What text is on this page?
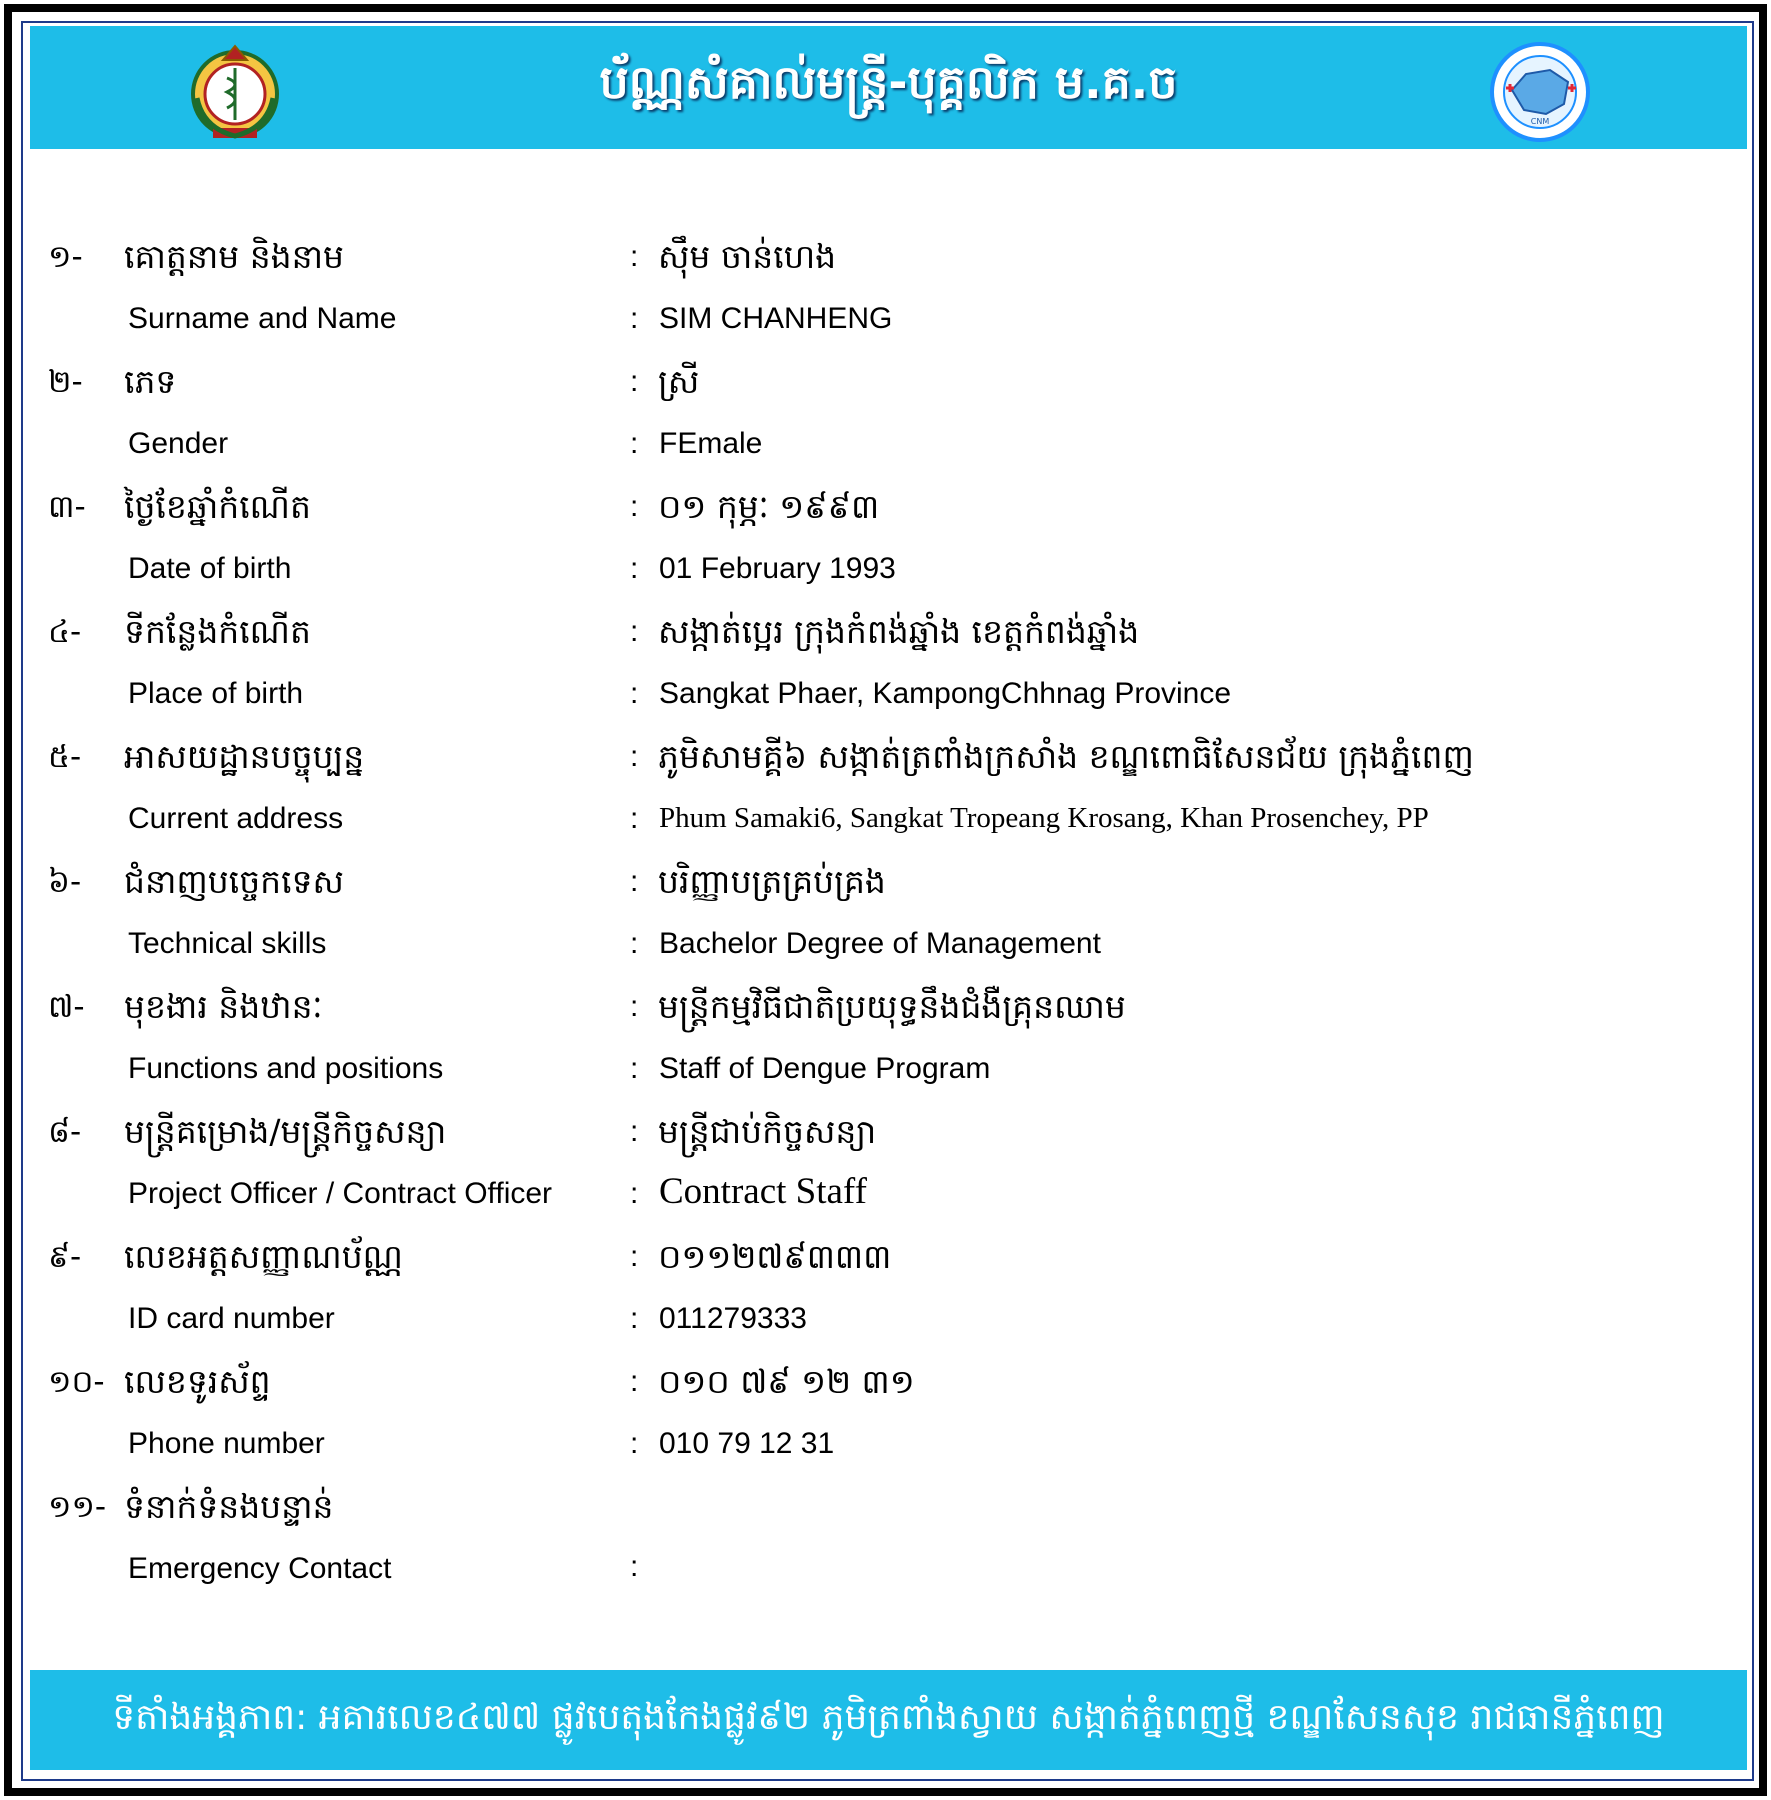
ប័ណ្ណសំគាល់មន្ត្រី-បុគ្គលិក ម.គ.ច
CNM
១- គោត្តនាម និងនាម
Surname and Name
:
:
ស៊ឹម ចាន់ហេង
SIM CHANHENG
២- ភេទ
Gender
:
:
ស្រី
FEmale
៣- ថ្ងៃខែឆ្នាំកំណើត
Date of birth
:
:
០១ កុម្ភៈ ១៩៩៣
01 February 1993
៤- ទីកន្លែងកំណើត
Place of birth
:
:
សង្កាត់ប្អេរ ក្រុងកំពង់ឆ្នាំង ខេត្តកំពង់ឆ្នាំង
Sangkat Phaer, KampongChhnag Province
៥- អាសយដ្ឋានបច្ចុប្បន្ន
Current address
:
:
ភូមិសាមគ្គី៦ សង្កាត់ត្រពាំងក្រសាំង ខណ្ឌពោធិសែនជ័យ ក្រុងភ្នំពេញ
Phum Samaki6, Sangkat Tropeang Krosang, Khan Prosenchey, PP
៦- ជំនាញបច្ចេកទេស
Technical skills
:
:
បរិញ្ញាបត្រគ្រប់គ្រង
Bachelor Degree of Management
៧- មុខងារ និងឋានៈ
Functions and positions
:
:
មន្ត្រីកម្មវិធីជាតិប្រយុទ្ធនឹងជំងឺគ្រុនឈាម
Staff of Dengue Program
៨- មន្ត្រីគម្រោង/មន្ត្រីកិច្ចសន្យា
Project Officer / Contract Officer
:
:
មន្ត្រីជាប់កិច្ចសន្យា
Contract Staff
៩- លេខអត្តសញ្ញាណប័ណ្ណ
ID card number
:
:
០១១២៧៩៣៣៣
011279333
១០- លេខទូរស័ព្ទ
Phone number
:
:
០១០ ៧៩ ១២ ៣១
010 79 12 31
១១- ទំនាក់ទំនងបន្ទាន់
Emergency Contact	:
ទីតាំងអង្គភាព: អគារលេខ៤៧៧ ផ្លូវបេតុងកែងផ្លូវ៩២ ភូមិត្រពាំងស្វាយ សង្កាត់ភ្នំពេញថ្មី ខណ្ឌសែនសុខ រាជធានីភ្នំពេញ
